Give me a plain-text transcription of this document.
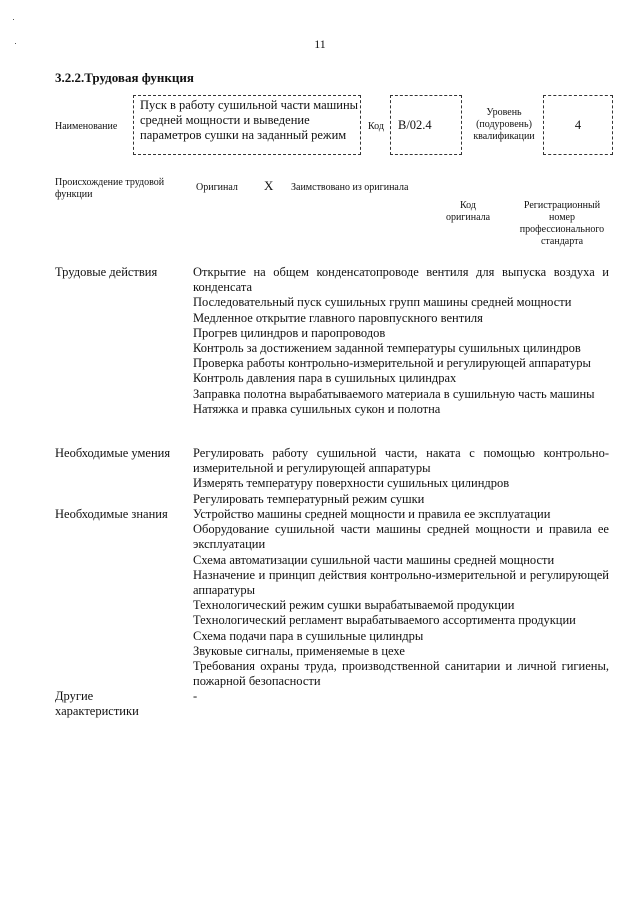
11
3.2.2.Трудовая функция
Наименование
Пуск в работу сушильной части машины средней мощности и выведение параметров сушки на заданный режим
Код	В/02.4
Уровень (подуровень) квалификации
4
Происхождение трудовой функции
Оригинал X Заимствовано из оригинала
Код оригинала
Регистрационный номер профессионального стандарта
Трудовые действия	Открытие на общем конденсатопроводе вентиля для выпуска воздуха и конденсата
Последовательный пуск сушильных групп машины средней мощности
Медленное открытие главного паровпускного вентиля
Прогрев цилиндров и паропроводов
Контроль за достижением заданной температуры сушильных цилиндров
Проверка работы контрольно-измерительной и регулирующей аппаратуры
Контроль давления пара в сушильных цилиндрах
Заправка полотна вырабатываемого материала в сушильную часть машины
Натяжка и правка сушильных сукон и полотна
Необходимые умения Регулировать работу сушильной части, наката с помощью контрольно-измерительной и регулирующей аппаратуры
Измерять температуру поверхности сушильных цилиндров
Регулировать температурный режим сушки
Необходимые знания Устройство машины средней мощности и правила ее эксплуатации
Оборудование сушильной части машины средней мощности и правила ее эксплуатации
Схема автоматизации сушильной части машины средней мощности
Назначение и принцип действия контрольно-измерительной и регулирующей аппаратуры
Технологический режим сушки вырабатываемой продукции
Технологический регламент вырабатываемого ассортимента продукции
Схема подачи пара в сушильные цилиндры
Звуковые сигналы, применяемые в цехе
Требования охраны труда, производственной санитарии и личной гигиены, пожарной безопасности
Другие характеристики
-
